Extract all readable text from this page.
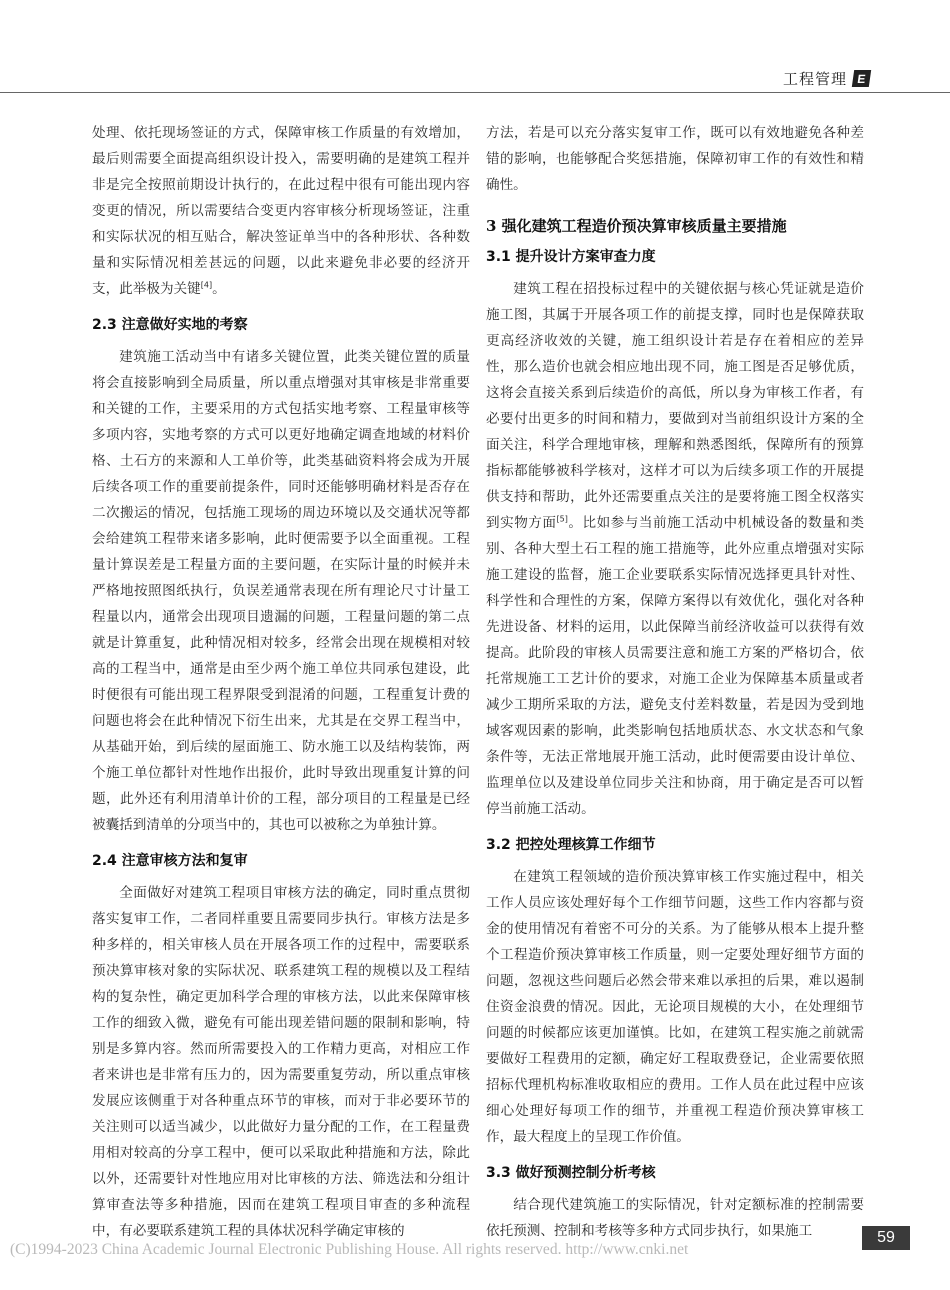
工程管理 E

处理、依托现场签证的方式，保障审核工作质量的有效增加，最后则需要全面提高组织设计投入，需要明确的是建筑工程并非是完全按照前期设计执行的，在此过程中很有可能出现内容变更的情况，所以需要结合变更内容审核分析现场签证，注重和实际状况的相互贴合，解决签证单当中的各种形状、各种数量和实际情况相差甚远的问题，以此来避免非必要的经济开支，此举极为关键[4]。

2.3 注意做好实地的考察

建筑施工活动当中有诸多关键位置，此类关键位置的质量将会直接影响到全局质量，所以重点增强对其审核是非常重要和关键的工作，主要采用的方式包括实地考察、工程量审核等多项内容，实地考察的方式可以更好地确定调查地域的材料价格、土石方的来源和人工单价等，此类基础资料将会成为开展后续各项工作的重要前提条件，同时还能够明确材料是否存在二次搬运的情况，包括施工现场的周边环境以及交通状况等都会给建筑工程带来诸多影响，此时便需要予以全面重视。工程量计算误差是工程量方面的主要问题，在实际计量的时候并未严格地按照图纸执行，负误差通常表现在所有理论尺寸计量工程量以内，通常会出现项目遗漏的问题，工程量问题的第二点就是计算重复，此种情况相对较多，经常会出现在规模相对较高的工程当中，通常是由至少两个施工单位共同承包建设，此时便很有可能出现工程界限受到混淆的问题，工程重复计费的问题也将会在此种情况下衍生出来，尤其是在交界工程当中，从基础开始，到后续的屋面施工、防水施工以及结构装饰，两个施工单位都针对性地作出报价，此时导致出现重复计算的问题，此外还有利用清单计价的工程，部分项目的工程量是已经被囊括到清单的分项当中的，其也可以被称之为单独计算。

2.4 注意审核方法和复审

全面做好对建筑工程项目审核方法的确定，同时重点贯彻落实复审工作，二者同样重要且需要同步执行。审核方法是多种多样的，相关审核人员在开展各项工作的过程中，需要联系预决算审核对象的实际状况、联系建筑工程的规模以及工程结构的复杂性，确定更加科学合理的审核方法，以此来保障审核工作的细致入微，避免有可能出现差错问题的限制和影响，特别是多算内容。然而所需要投入的工作精力更高，对相应工作者来讲也是非常有压力的，因为需要重复劳动，所以重点审核发展应该侧重于对各种重点环节的审核，而对于非必要环节的关注则可以适当减少，以此做好力量分配的工作，在工程量费用相对较高的分享工程中，便可以采取此种措施和方法，除此以外，还需要针对性地应用对比审核的方法、筛选法和分组计算审查法等多种措施，因而在建筑工程项目审查的多种流程中，有必要联系建筑工程的具体状况科学确定审核的

方法，若是可以充分落实复审工作，既可以有效地避免各种差错的影响，也能够配合奖惩措施，保障初审工作的有效性和精确性。

3 强化建筑工程造价预决算审核质量主要措施
3.1 提升设计方案审查力度

建筑工程在招投标过程中的关键依据与核心凭证就是造价施工图，其属于开展各项工作的前提支撑，同时也是保障获取更高经济收效的关键，施工组织设计若是存在着相应的差异性，那么造价也就会相应地出现不同，施工图是否足够优质，这将会直接关系到后续造价的高低，所以身为审核工作者，有必要付出更多的时间和精力，要做到对当前组织设计方案的全面关注，科学合理地审核，理解和熟悉图纸，保障所有的预算指标都能够被科学核对，这样才可以为后续多项工作的开展提供支持和帮助，此外还需要重点关注的是要将施工图全权落实到实物方面[5]。比如参与当前施工活动中机械设备的数量和类别、各种大型土石工程的施工措施等，此外应重点增强对实际施工建设的监督，施工企业要联系实际情况选择更具针对性、科学性和合理性的方案，保障方案得以有效优化，强化对各种先进设备、材料的运用，以此保障当前经济收益可以获得有效提高。此阶段的审核人员需要注意和施工方案的严格切合，依托常规施工工艺计价的要求，对施工企业为保障基本质量或者减少工期所采取的方法，避免支付差料数量，若是因为受到地域客观因素的影响，此类影响包括地质状态、水文状态和气象条件等，无法正常地展开施工活动，此时便需要由设计单位、监理单位以及建设单位同步关注和协商，用于确定是否可以暂停当前施工活动。

3.2 把控处理核算工作细节

在建筑工程领域的造价预决算审核工作实施过程中，相关工作人员应该处理好每个工作细节问题，这些工作内容都与资金的使用情况有着密不可分的关系。为了能够从根本上提升整个工程造价预决算审核工作质量，则一定要处理好细节方面的问题，忽视这些问题后必然会带来难以承担的后果，难以遏制住资金浪费的情况。因此，无论项目规模的大小，在处理细节问题的时候都应该更加谨慎。比如，在建筑工程实施之前就需要做好工程费用的定额，确定好工程取费登记，企业需要依照招标代理机构标准收取相应的费用。工作人员在此过程中应该细心处理好每项工作的细节，并重视工程造价预决算审核工作，最大程度上的呈现工作价值。

3.3 做好预测控制分析考核

结合现代建筑施工的实际情况，针对定额标准的控制需要依托预测、控制和考核等多种方式同步执行，如果施工	59
(C)1994-2023 China Academic Journal Electronic Publishing House. All rights reserved. http://www.cnki.net
